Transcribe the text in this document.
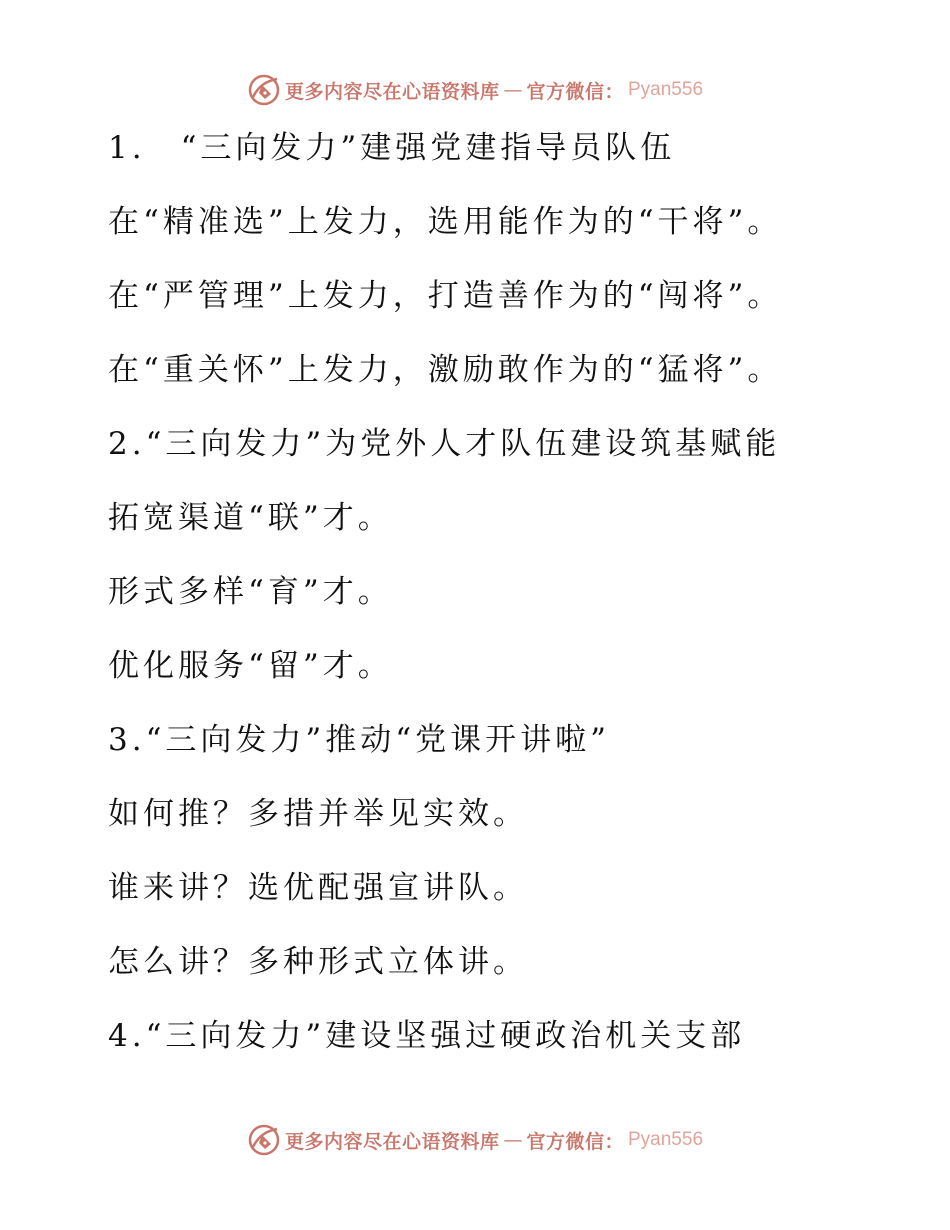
更多内容尽在心语资料库 — 官方微信： Pyan556
1.　“三向发力”建强党建指导员队伍
在“精准选”上发力，选用能作为的“干将”。
在“严管理”上发力，打造善作为的“闯将”。
在“重关怀”上发力，激励敢作为的“猛将”。
2.“三向发力”为党外人才队伍建设筑基赋能
拓宽渠道“联”才。
形式多样“育”才。
优化服务“留”才。
3.“三向发力”推动“党课开讲啦”
如何推？多措并举见实效。
谁来讲？选优配强宣讲队。
怎么讲？多种形式立体讲。
4.“三向发力”建设坚强过硬政治机关支部
更多内容尽在心语资料库 — 官方微信： Pyan556
